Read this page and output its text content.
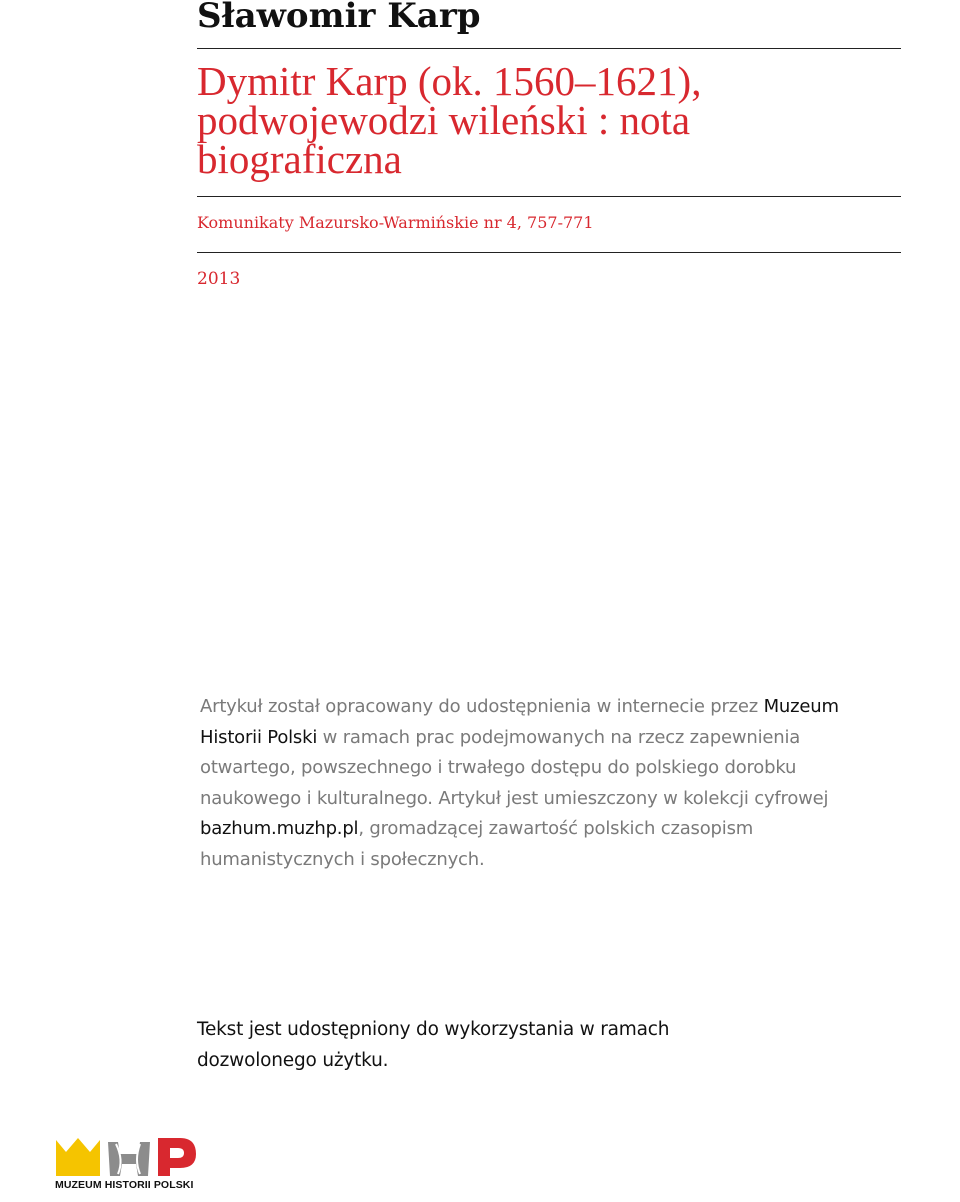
Sławomir Karp
Dymitr Karp (ok. 1560–1621), podwojewodzi wileński : nota biograficzna
Komunikaty Mazursko-Warmińskie nr 4, 757-771
2013

Artykuł został opracowany do udostępnienia w internecie przez Muzeum Historii Polski w ramach prac podejmowanych na rzecz zapewnienia otwartego, powszechnego i trwałego dostępu do polskiego dorobku naukowego i kulturalnego. Artykuł jest umieszczony w kolekcji cyfrowej bazhum.muzhp.pl, gromadzącej zawartość polskich czasopism humanistycznych i społecznych.

Tekst jest udostępniony do wykorzystania w ramach dozwolonego użytku.

MUZEUM HISTORII POLSKI
